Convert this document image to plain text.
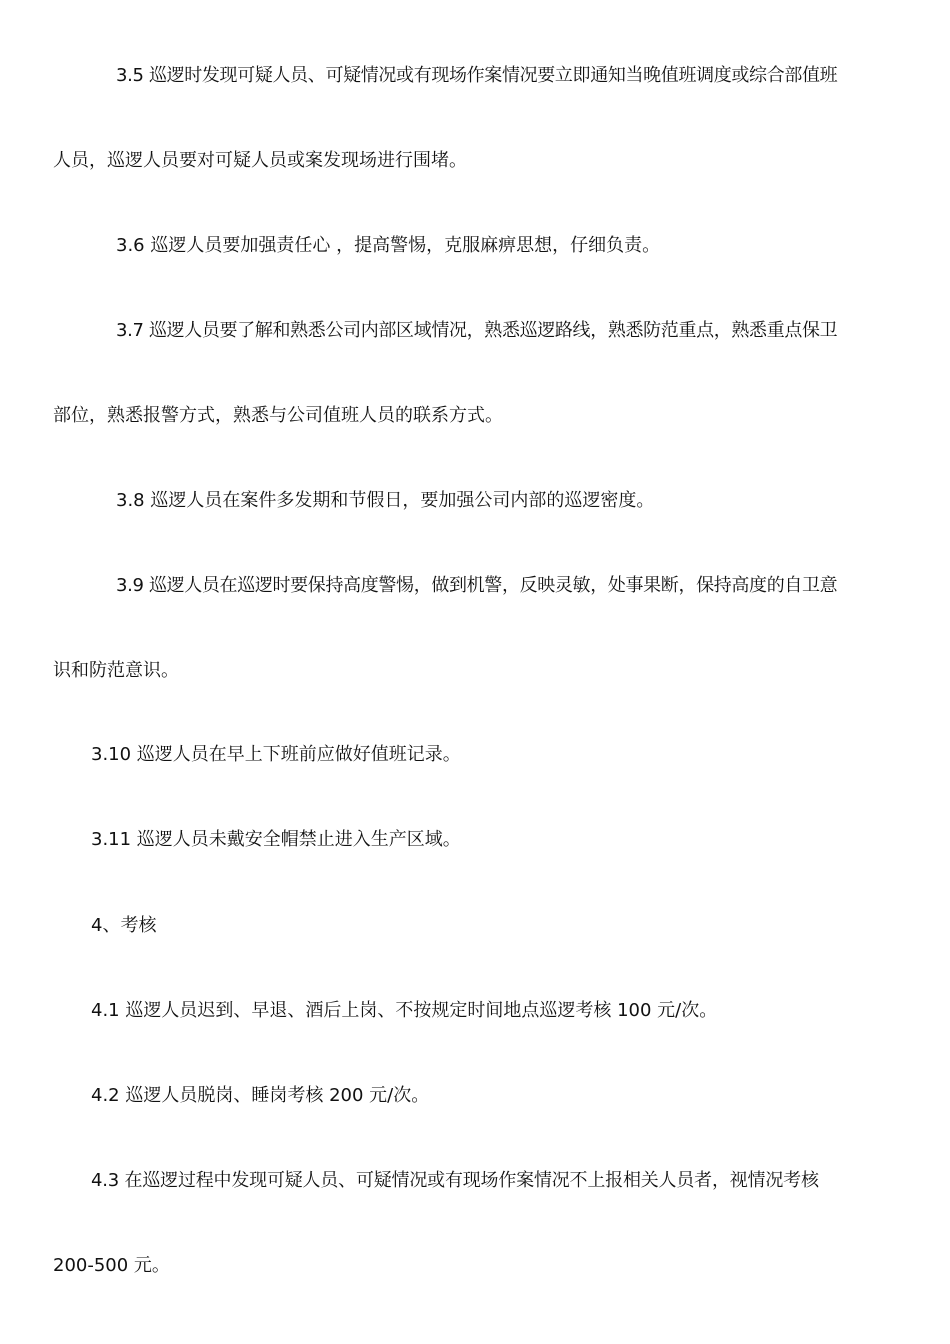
3.5 巡逻时发现可疑人员、可疑情况或有现场作案情况要立即通知当晚值班调度或综合部值班
人员，巡逻人员要对可疑人员或案发现场进行围堵。
3.6 巡逻人员要加强责任心 ，提高警惕，克服麻痹思想，仔细负责。
3.7 巡逻人员要了解和熟悉公司内部区域情况，熟悉巡逻路线，熟悉防范重点，熟悉重点保卫
部位，熟悉报警方式，熟悉与公司值班人员的联系方式。
3.8 巡逻人员在案件多发期和节假日，要加强公司内部的巡逻密度。
3.9 巡逻人员在巡逻时要保持高度警惕，做到机警，反映灵敏，处事果断，保持高度的自卫意
识和防范意识。
3.10 巡逻人员在早上下班前应做好值班记录。
3.11 巡逻人员未戴安全帽禁止进入生产区域。
4、考核
4.1 巡逻人员迟到、早退、酒后上岗、不按规定时间地点巡逻考核 100 元/次。
4.2 巡逻人员脱岗、睡岗考核 200 元/次。
4.3 在巡逻过程中发现可疑人员、可疑情况或有现场作案情况不上报相关人员者，视情况考核
200-500 元。
